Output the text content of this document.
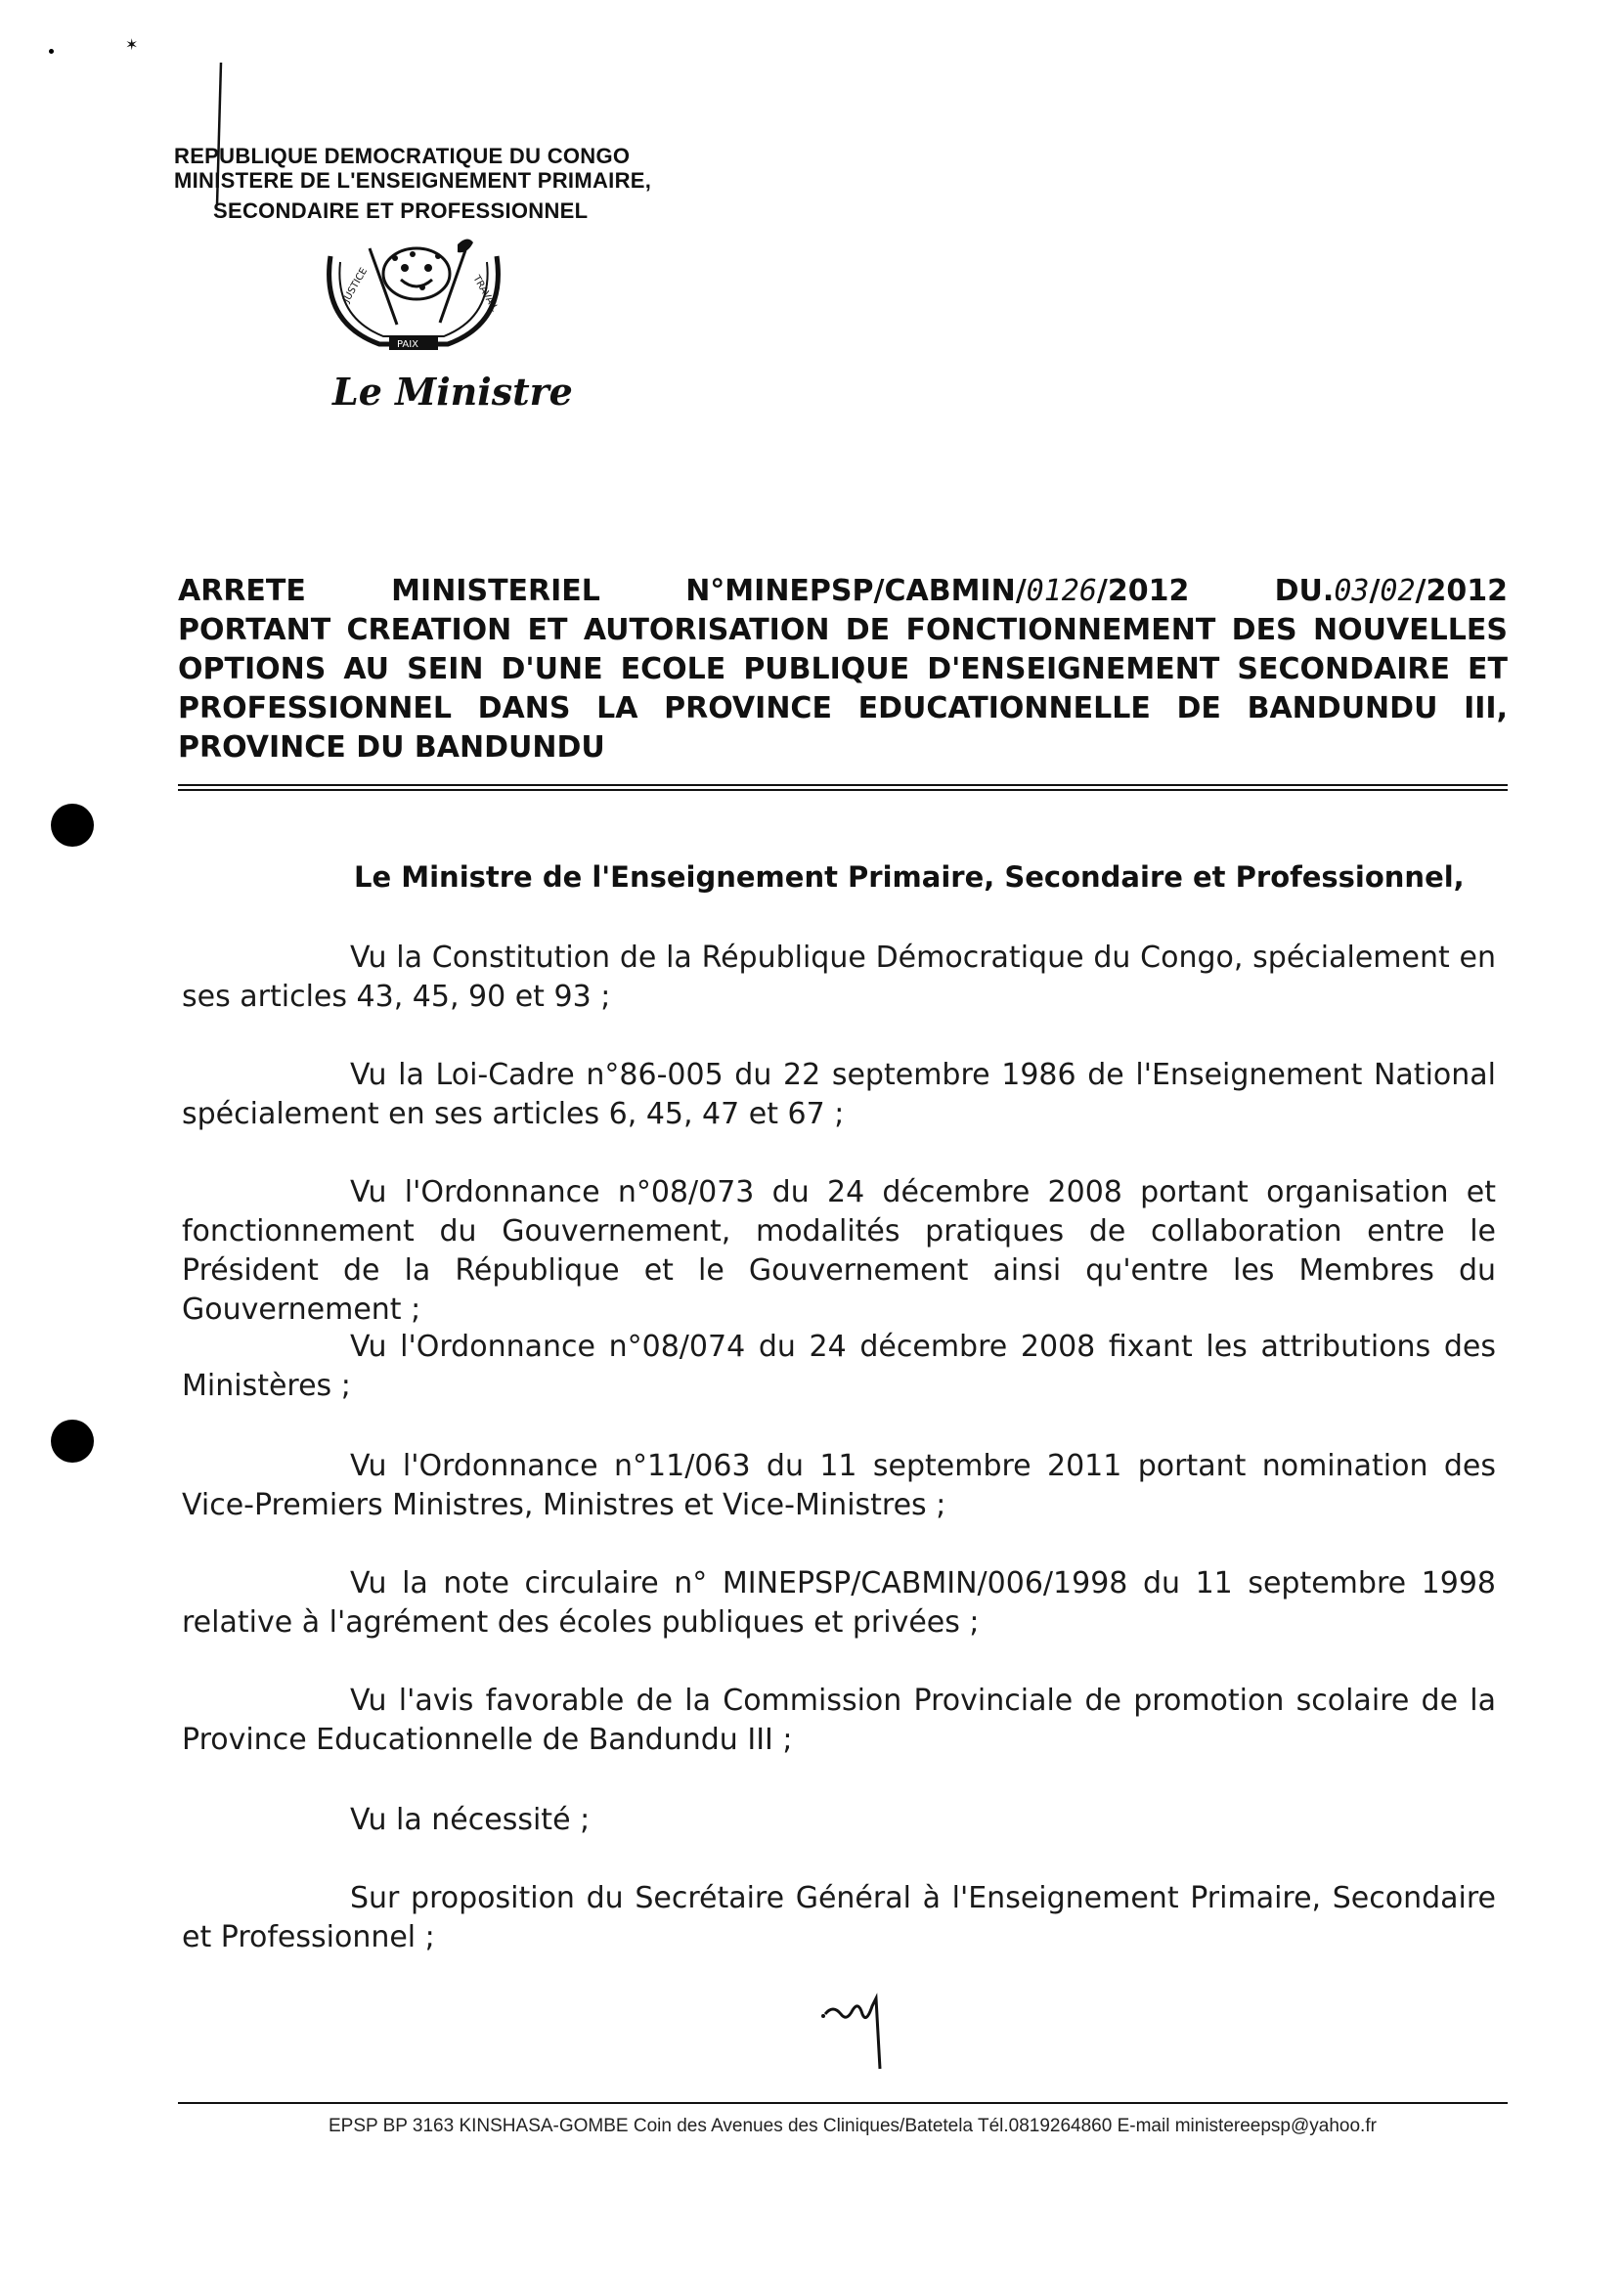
✶
REPUBLIQUE DEMOCRATIQUE DU CONGO
MINISTERE DE L'ENSEIGNEMENT PRIMAIRE,
SECONDAIRE ET PROFESSIONNEL
JUSTICE
PAIX
TRAVAIL
Le Ministre
ARRETE	MINISTERIEL	N°MINEPSP/CABMIN/0126/2012	DU.03/02/2012
PORTANT CREATION ET AUTORISATION DE FONCTIONNEMENT DES NOUVELLES
OPTIONS AU SEIN D'UNE ECOLE PUBLIQUE D'ENSEIGNEMENT SECONDAIRE ET
PROFESSIONNEL DANS LA PROVINCE EDUCATIONNELLE DE BANDUNDU III,
PROVINCE DU BANDUNDU
Le Ministre de l'Enseignement Primaire, Secondaire et Professionnel,
Vu la Constitution de la République Démocratique du Congo, spécialement en ses articles 43, 45, 90 et 93 ;
Vu la Loi-Cadre n°86-005 du 22 septembre 1986 de l'Enseignement National spécialement en ses articles 6, 45, 47 et 67 ;
Vu l'Ordonnance n°08/073 du 24 décembre 2008 portant organisation et fonctionnement du Gouvernement, modalités pratiques de collaboration entre le Président de la République et le Gouvernement ainsi qu'entre les Membres du Gouvernement ;
Vu l'Ordonnance n°08/074 du 24 décembre 2008 fixant les attributions des Ministères ;
Vu l'Ordonnance n°11/063 du 11 septembre 2011 portant nomination des Vice-Premiers Ministres, Ministres et Vice-Ministres ;
Vu la note circulaire n° MINEPSP/CABMIN/006/1998 du 11 septembre 1998 relative à l'agrément des écoles publiques et privées ;
Vu l'avis favorable de la Commission Provinciale de promotion scolaire de la Province Educationnelle de Bandundu III ;
Vu la nécessité ;
Sur proposition du Secrétaire Général à l'Enseignement Primaire, Secondaire et Professionnel ;
EPSP BP 3163 KINSHASA-GOMBE Coin des Avenues des Cliniques/Batetela Tél.0819264860 E-mail ministereepsp@yahoo.fr
